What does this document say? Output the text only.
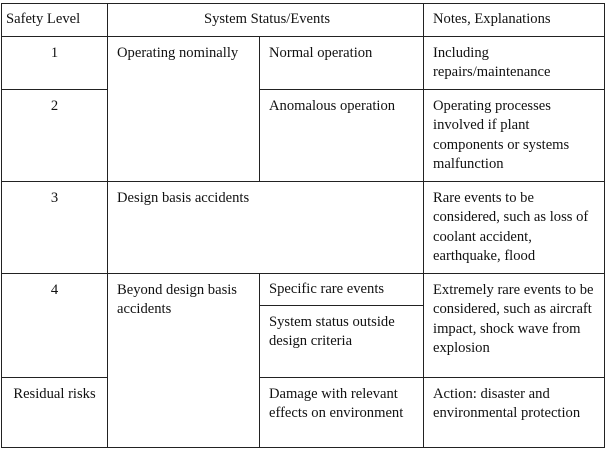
Safety Level	System Status/Events		Notes, Explanations
1	Operating nominally	Normal operation	Including repairs/maintenance
2		Anomalous operation	Operating processes involved if plant components or systems malfunction
3	Design basis accidents		Rare events to be considered, such as loss of coolant accident, earthquake, flood
4	Beyond design basis accidents	Specific rare events	Extremely rare events to be considered, such as aircraft impact, shock wave from explosion
		System status outside design criteria	
Residual risks		Damage with relevant effects on environment	Action: disaster and environmental protection
